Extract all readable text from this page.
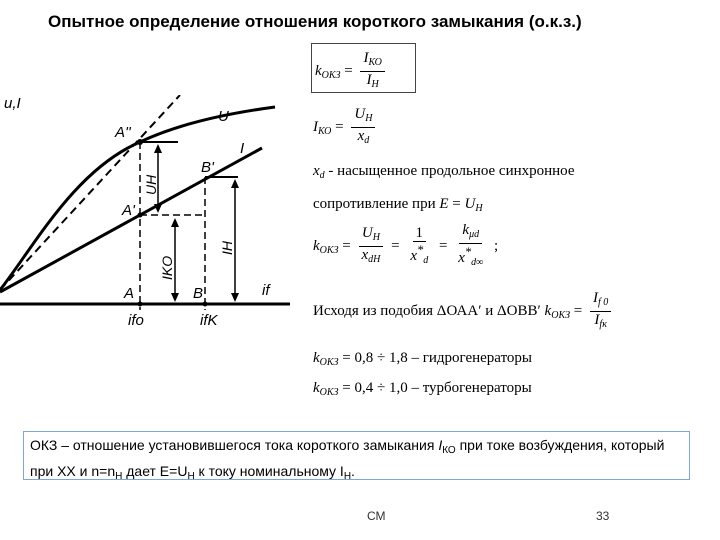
Опытное определение отношения короткого замыкания (о.к.з.)
u,I
U
I
A''
B'
A'
A	B	if
ifo	ifK
UH
IKO
IH
$k_{ОКЗ} = \frac{I_{КО}}{I_Н}$
$I_{КО} = \frac{U_Н}{x_d}$
$x_d$ - насыщенное продольное синхронное
сопротивление при $E = U_Н$
$k_{ОКЗ} = \frac{U_Н}{x_{dН}} = \frac{1}{x^*_d} = \frac{k_{\mu d}}{x^*_{d\infty}}$ ;
Исходя из подобия ΔОАА′ и ΔОВВ′ $k_{ОКЗ} = \frac{I_{f 0}}{I_{fк}}$
$k_{ОКЗ} = 0,8 \div 1,8$ – гидрогенераторы
$k_{ОКЗ} = 0,4 \div 1,0$ – турбогенераторы
ОКЗ – отношение установившегося тока короткого замыкания $I_{КО}$ при токе возбуждения, который при ХХ и $n=n_Н$ дает $E=U_Н$ к току номинальному $I_Н$.
СМ	33
